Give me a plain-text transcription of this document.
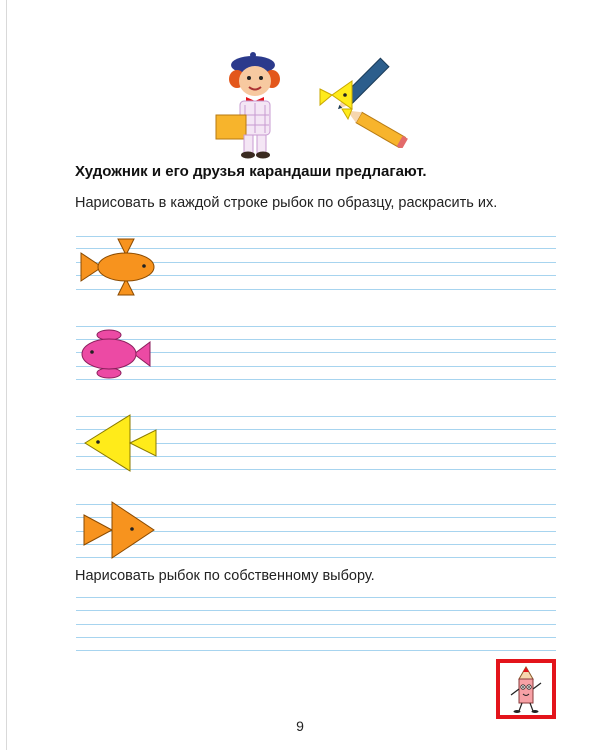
Художник и его друзья карандаши предлагают.
Нарисовать в каждой строке рыбок по образцу, раскрасить их.
Нарисовать рыбок по собственному выбору.
9
